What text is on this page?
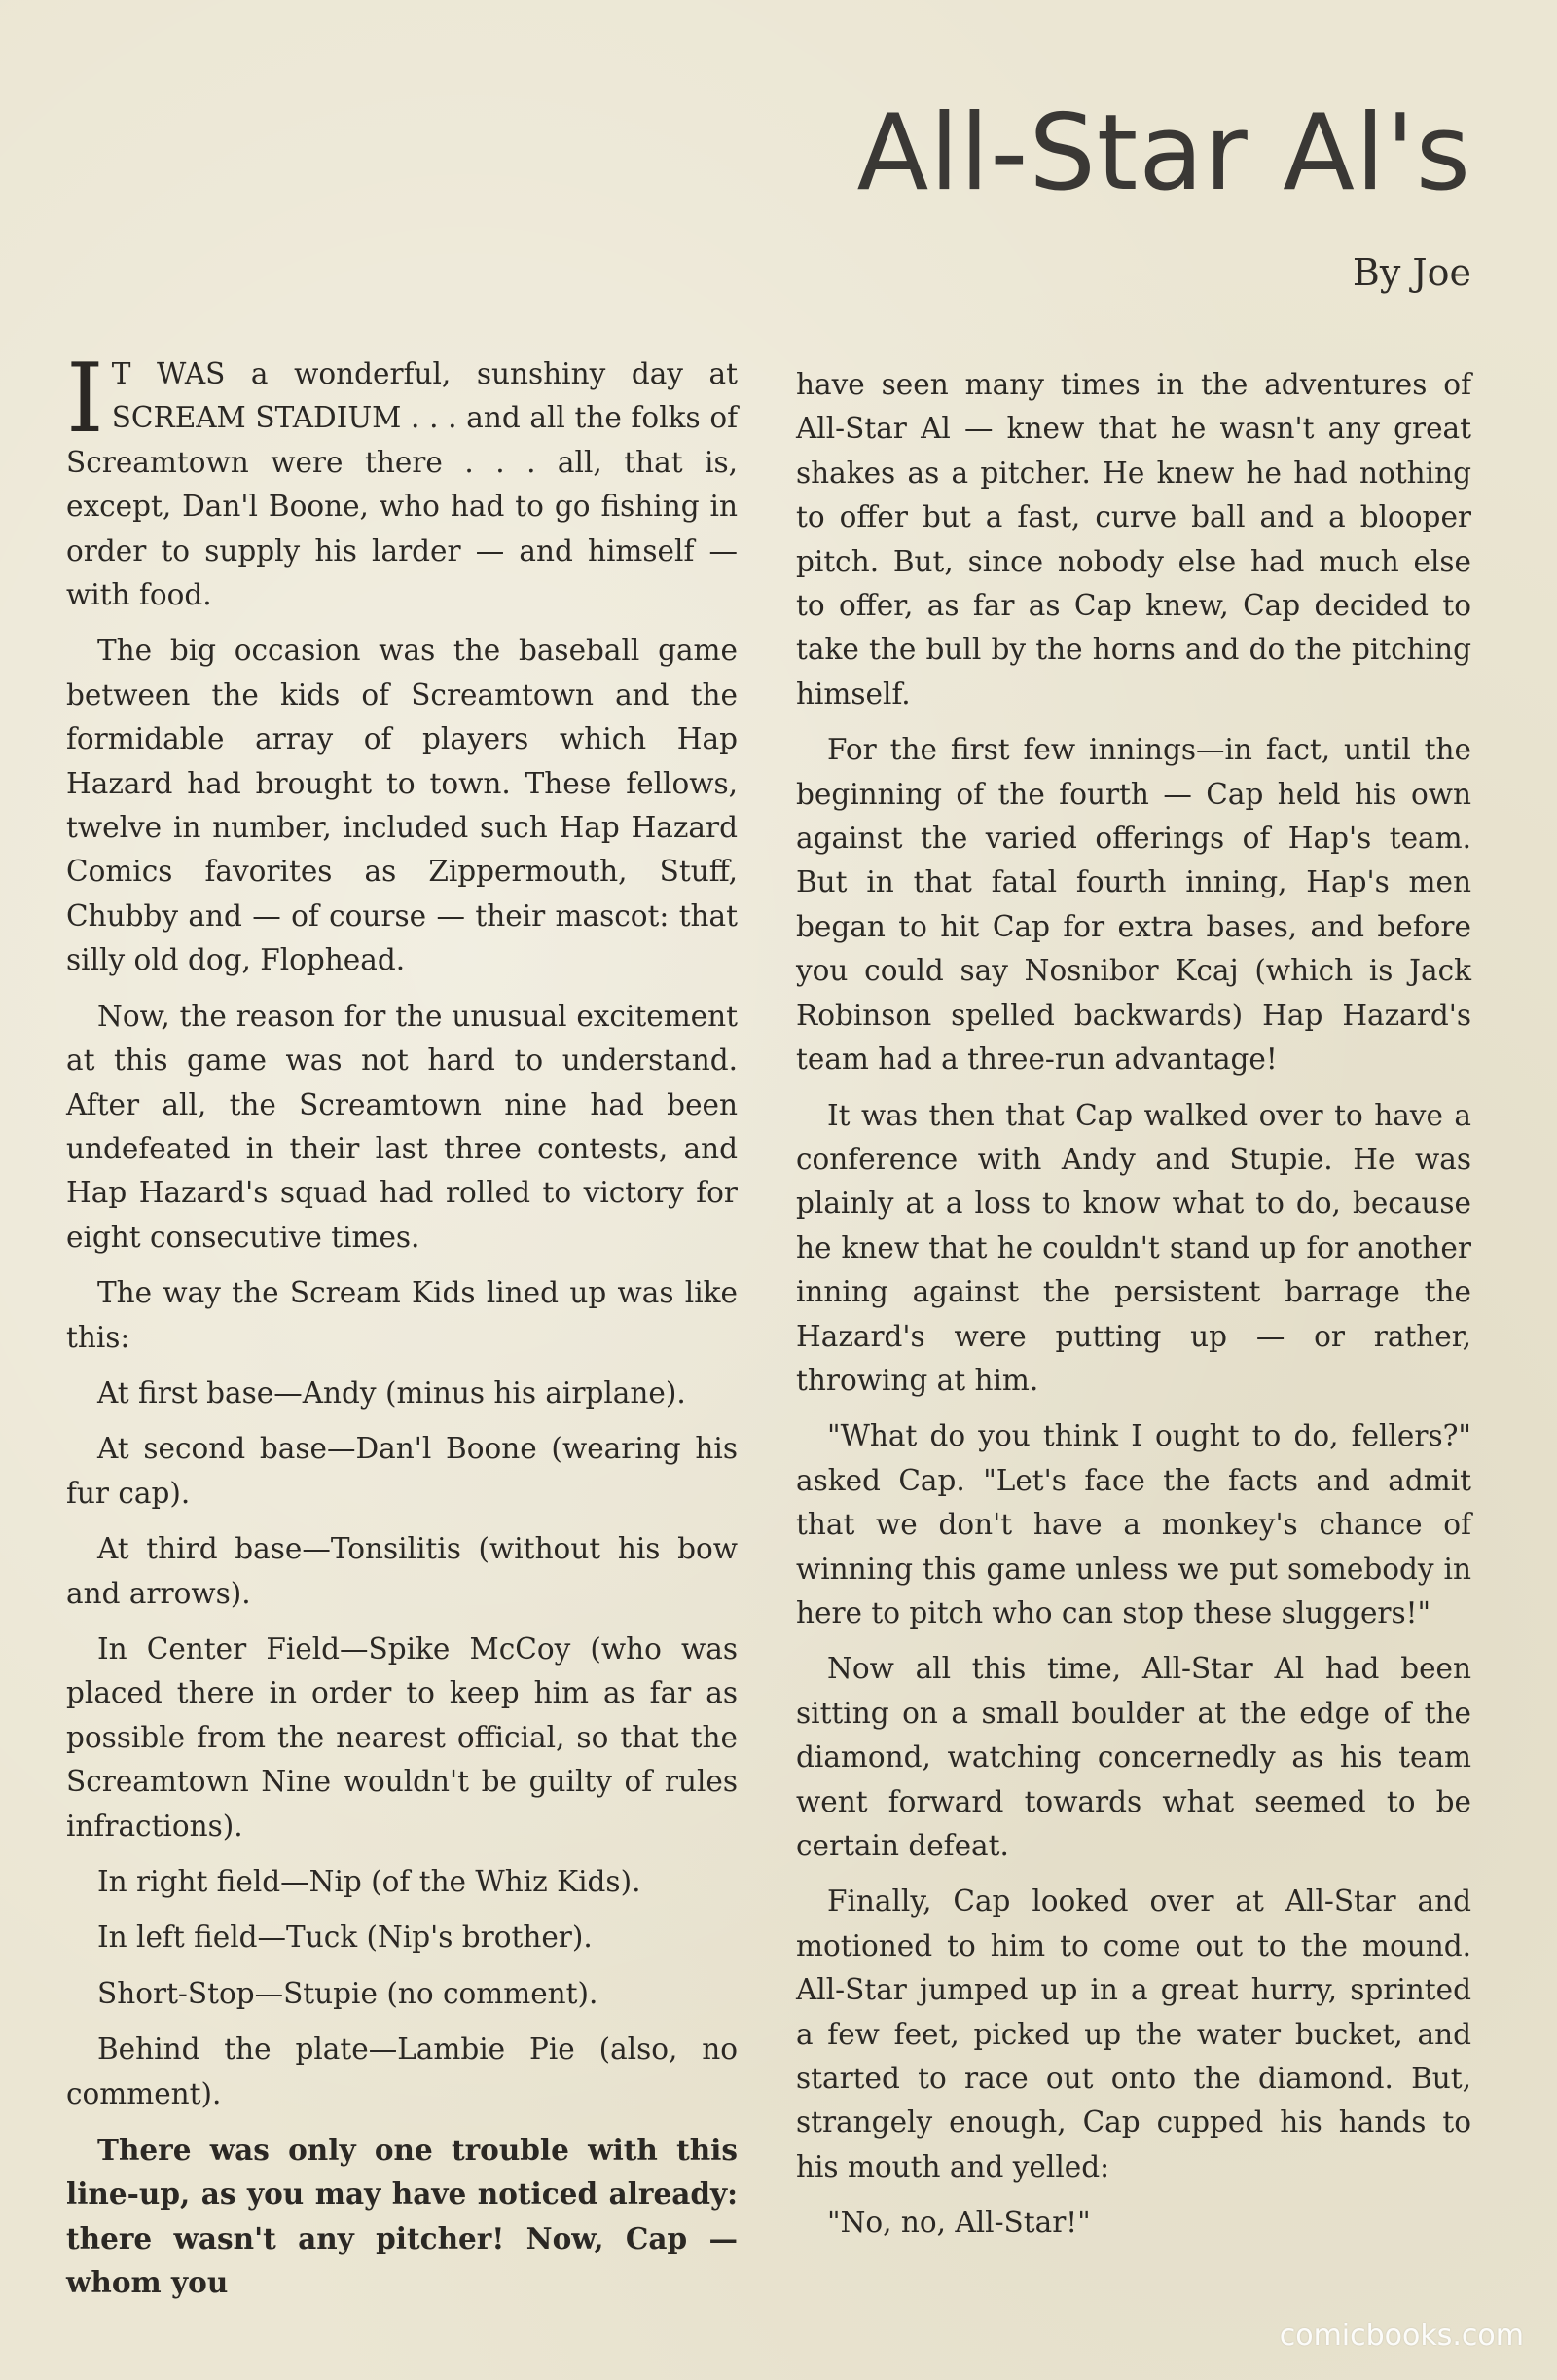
All-Star Al's
By Joe

I T WAS a wonderful, sunshiny day at SCREAM STADIUM . . . and all the folks of Screamtown were there . . . all, that is, except, Dan'l Boone, who had to go fishing in order to supply his larder — and himself — with food.

The big occasion was the baseball game between the kids of Screamtown and the formidable array of players which Hap Hazard had brought to town. These fellows, twelve in number, included such Hap Hazard Comics favorites as Zippermouth, Stuff, Chubby and — of course — their mascot: that silly old dog, Flophead.

Now, the reason for the unusual excitement at this game was not hard to understand. After all, the Screamtown nine had been undefeated in their last three contests, and Hap Hazard's squad had rolled to victory for eight consecutive times.

The way the Scream Kids lined up was like this:

At first base—Andy (minus his airplane).

At second base—Dan'l Boone (wearing his fur cap).

At third base—Tonsilitis (without his bow and arrows).

In Center Field—Spike McCoy (who was placed there in order to keep him as far as possible from the nearest official, so that the Screamtown Nine wouldn't be guilty of rules infractions).

In right field—Nip (of the Whiz Kids).

In left field—Tuck (Nip's brother).

Short-Stop—Stupie (no comment).

Behind the plate—Lambie Pie (also, no comment).

There was only one trouble with this line-up, as you may have noticed already: there wasn't any pitcher! Now, Cap — whom you

have seen many times in the adventures of All-Star Al — knew that he wasn't any great shakes as a pitcher. He knew he had nothing to offer but a fast, curve ball and a blooper pitch. But, since nobody else had much else to offer, as far as Cap knew, Cap decided to take the bull by the horns and do the pitching himself.

For the first few innings—in fact, until the beginning of the fourth — Cap held his own against the varied offerings of Hap's team. But in that fatal fourth inning, Hap's men began to hit Cap for extra bases, and before you could say Nosnibor Kcaj (which is Jack Robinson spelled backwards) Hap Hazard's team had a three-run advantage!

It was then that Cap walked over to have a conference with Andy and Stupie. He was plainly at a loss to know what to do, because he knew that he couldn't stand up for another inning against the persistent barrage the Hazard's were putting up — or rather, throwing at him.

"What do you think I ought to do, fellers?" asked Cap. "Let's face the facts and admit that we don't have a monkey's chance of winning this game unless we put somebody in here to pitch who can stop these sluggers!"

Now all this time, All-Star Al had been sitting on a small boulder at the edge of the diamond, watching concernedly as his team went forward towards what seemed to be certain defeat.

Finally, Cap looked over at All-Star and motioned to him to come out to the mound. All-Star jumped up in a great hurry, sprinted a few feet, picked up the water bucket, and started to race out onto the diamond. But, strangely enough, Cap cupped his hands to his mouth and yelled:

"No, no, All-Star!"

comicbooks.com
